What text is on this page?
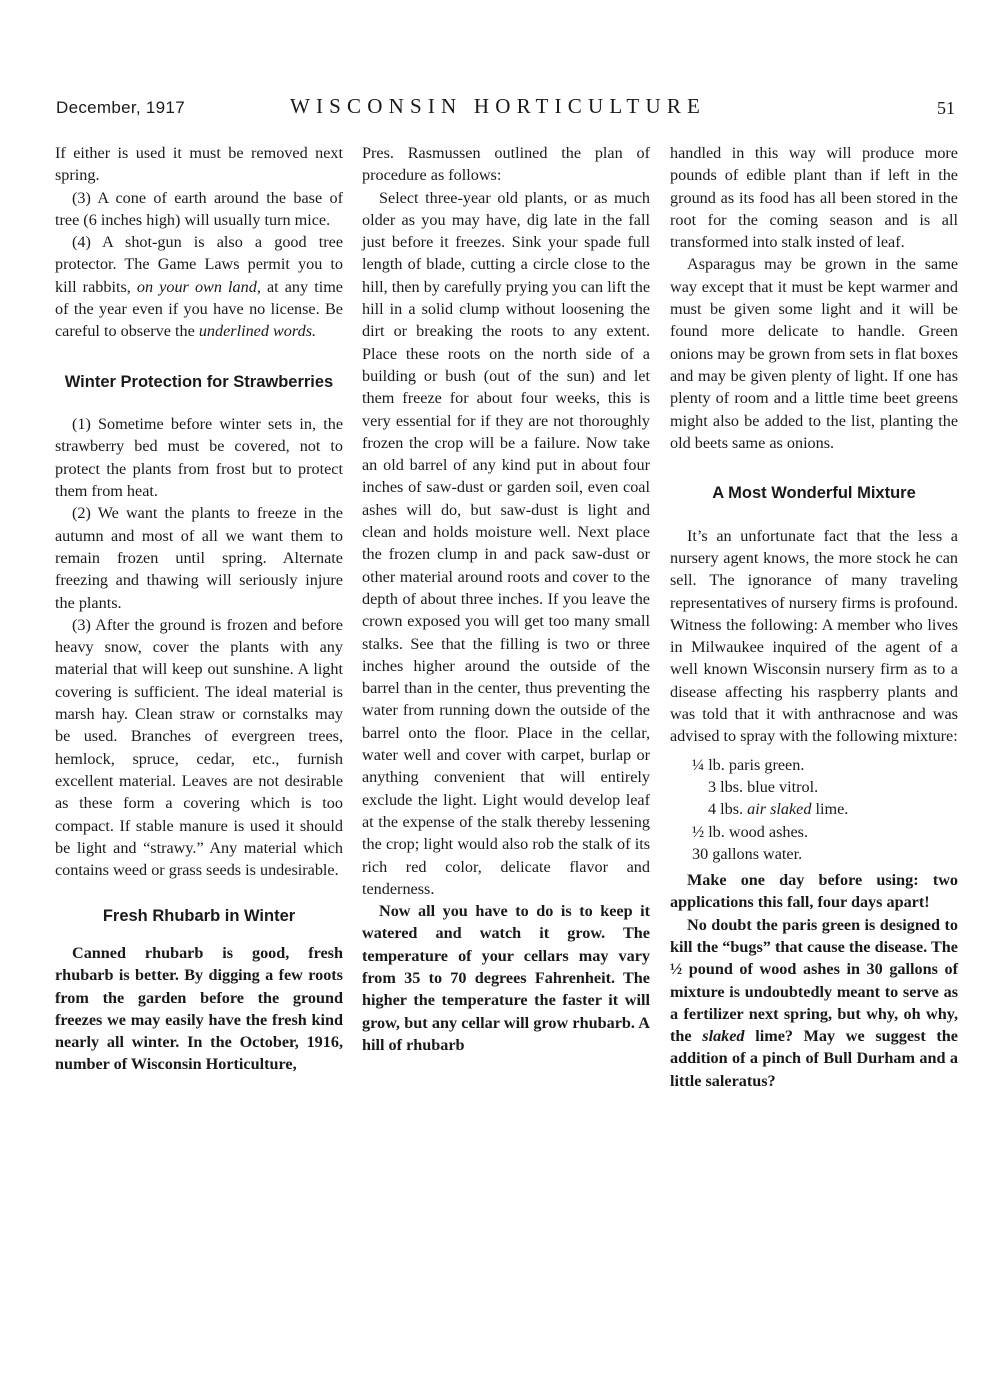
December, 1917	WISCONSIN HORTICULTURE	51

If either is used it must be removed next spring.

(3) A cone of earth around the base of tree (6 inches high) will usually turn mice.

(4) A shot-gun is also a good tree protector. The Game Laws permit you to kill rabbits, on your own land, at any time of the year even if you have no license. Be careful to observe the underlined words.

Winter Protection for Strawberries

(1) Sometime before winter sets in, the strawberry bed must be covered, not to protect the plants from frost but to protect them from heat.

(2) We want the plants to freeze in the autumn and most of all we want them to remain frozen until spring. Alternate freezing and thawing will seriously injure the plants.

(3) After the ground is frozen and before heavy snow, cover the plants with any material that will keep out sunshine. A light covering is sufficient. The ideal material is marsh hay. Clean straw or cornstalks may be used. Branches of evergreen trees, hemlock, spruce, cedar, etc., furnish excellent material. Leaves are not desirable as these form a covering which is too compact. If stable manure is used it should be light and “strawy.” Any material which contains weed or grass seeds is undesirable.

Fresh Rhubarb in Winter

Canned rhubarb is good, fresh rhubarb is better. By digging a few roots from the garden before the ground freezes we may easily have the fresh kind nearly all winter. In the October, 1916, number of Wisconsin Horticulture,

Pres. Rasmussen outlined the plan of procedure as follows:

Select three-year old plants, or as much older as you may have, dig late in the fall just before it freezes. Sink your spade full length of blade, cutting a circle close to the hill, then by carefully prying you can lift the hill in a solid clump without loosening the dirt or breaking the roots to any extent. Place these roots on the north side of a building or bush (out of the sun) and let them freeze for about four weeks, this is very essential for if they are not thoroughly frozen the crop will be a failure. Now take an old barrel of any kind put in about four inches of saw-dust or garden soil, even coal ashes will do, but saw-dust is light and clean and holds moisture well. Next place the frozen clump in and pack saw-dust or other material around roots and cover to the depth of about three inches. If you leave the crown exposed you will get too many small stalks. See that the filling is two or three inches higher around the outside of the barrel than in the center, thus preventing the water from running down the outside of the barrel onto the floor. Place in the cellar, water well and cover with carpet, burlap or anything convenient that will entirely exclude the light. Light would develop leaf at the expense of the stalk thereby lessening the crop; light would also rob the stalk of its rich red color, delicate flavor and tenderness.

Now all you have to do is to keep it watered and watch it grow. The temperature of your cellars may vary from 35 to 70 degrees Fahrenheit. The higher the temperature the faster it will grow, but any cellar will grow rhubarb. A hill of rhubarb

handled in this way will produce more pounds of edible plant than if left in the ground as its food has all been stored in the root for the coming season and is all transformed into stalk insted of leaf.

Asparagus may be grown in the same way except that it must be kept warmer and must be given some light and it will be found more delicate to handle. Green onions may be grown from sets in flat boxes and may be given plenty of light. If one has plenty of room and a little time beet greens might also be added to the list, planting the old beets same as onions.

A Most Wonderful Mixture

It’s an unfortunate fact that the less a nursery agent knows, the more stock he can sell. The ignorance of many traveling representatives of nursery firms is profound. Witness the following: A member who lives in Milwaukee inquired of the agent of a well known Wisconsin nursery firm as to a disease affecting his raspberry plants and was told that it with anthracnose and was advised to spray with the following mixture:

¼ lb. paris green.
3 lbs. blue vitrol.
4 lbs. air slaked lime.
½ lb. wood ashes.
30 gallons water.

Make one day before using: two applications this fall, four days apart!

No doubt the paris green is designed to kill the “bugs” that cause the disease. The ½ pound of wood ashes in 30 gallons of mixture is undoubtedly meant to serve as a fertilizer next spring, but why, oh why, the slaked lime? May we suggest the addition of a pinch of Bull Durham and a little saleratus?
